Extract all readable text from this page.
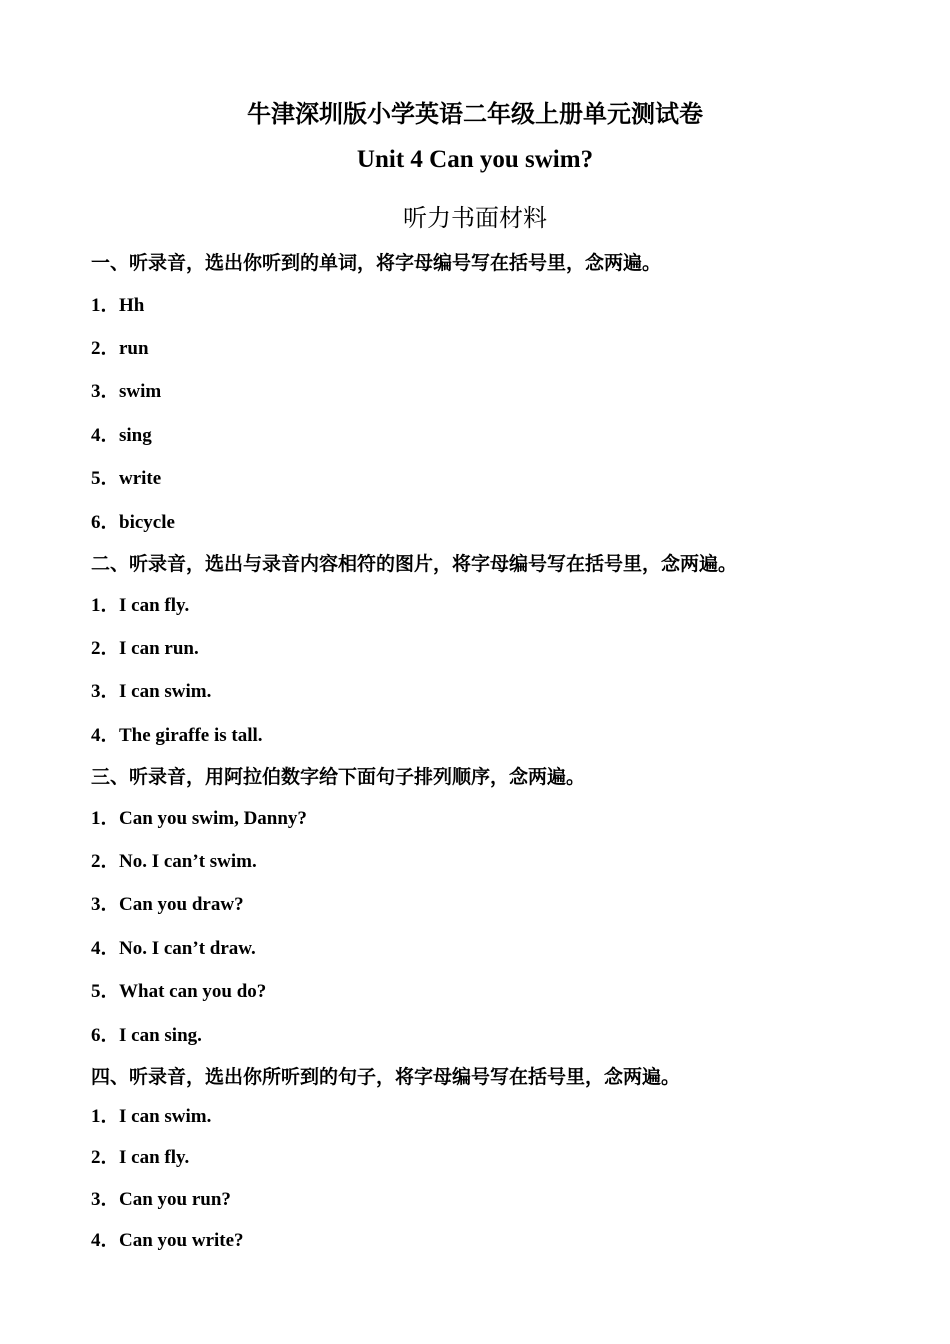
牛津深圳版小学英语二年级上册单元测试卷
Unit 4 Can you swim?
听力书面材料
一、听录音，选出你听到的单词，将字母编号写在括号里，念两遍。
1．Hh
2．run
3．swim
4．sing
5．write
6．bicycle
二、听录音，选出与录音内容相符的图片，将字母编号写在括号里，念两遍。
1．I can fly.
2．I can run.
3．I can swim.
4．The giraffe is tall.
三、听录音，用阿拉伯数字给下面句子排列顺序，念两遍。
1．Can you swim, Danny?
2．No. I can’t swim.
3．Can you draw?
4．No. I can’t draw.
5．What can you do?
6．I can sing.
四、听录音，选出你所听到的句子，将字母编号写在括号里，念两遍。
1．I can swim.
2．I can fly.
3．Can you run?
4．Can you write?
